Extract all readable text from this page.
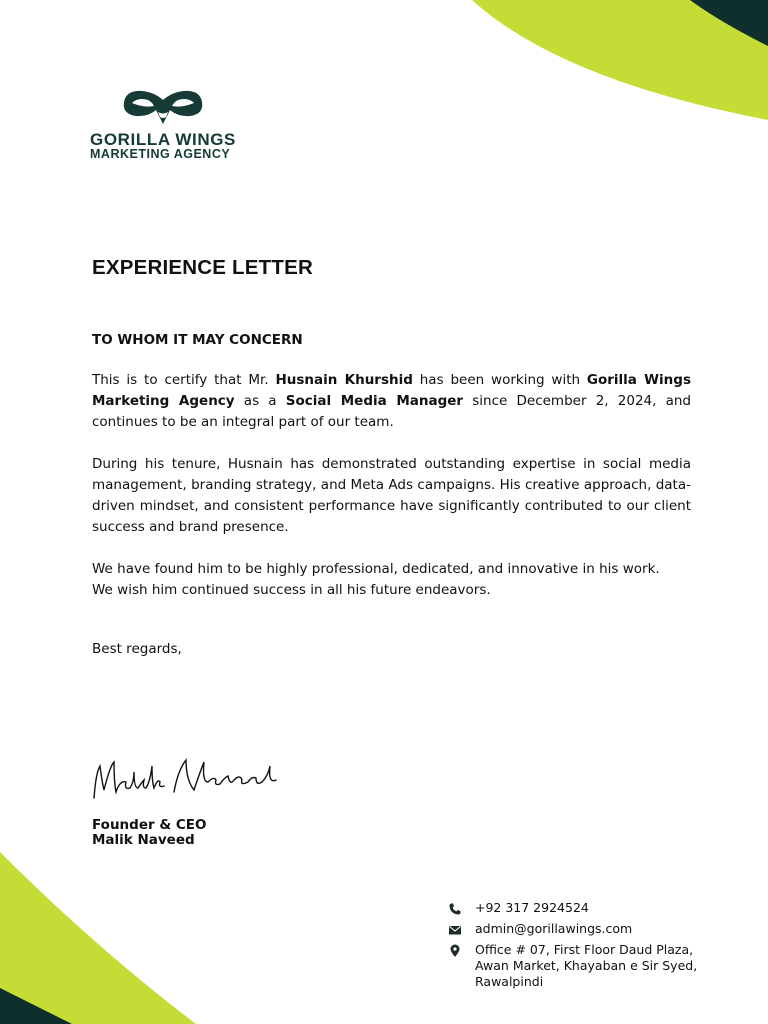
GORILLA WINGS
MARKETING AGENCY
EXPERIENCE LETTER
TO WHOM IT MAY CONCERN

This is to certify that Mr. Husnain Khurshid has been working with Gorilla Wings Marketing Agency as a Social Media Manager since December 2, 2024, and continues to be an integral part of our team.

During his tenure, Husnain has demonstrated outstanding expertise in social media management, branding strategy, and Meta Ads campaigns. His creative approach, data-driven mindset, and consistent performance have significantly contributed to our client success and brand presence.

We have found him to be highly professional, dedicated, and innovative in his work.
We wish him continued success in all his future endeavors.

Best regards,
Founder & CEO
Malik Naveed
+92 317 2924524
admin@gorillawings.com
Office # 07, First Floor Daud Plaza,
Awan Market, Khayaban e Sir Syed,
Rawalpindi
